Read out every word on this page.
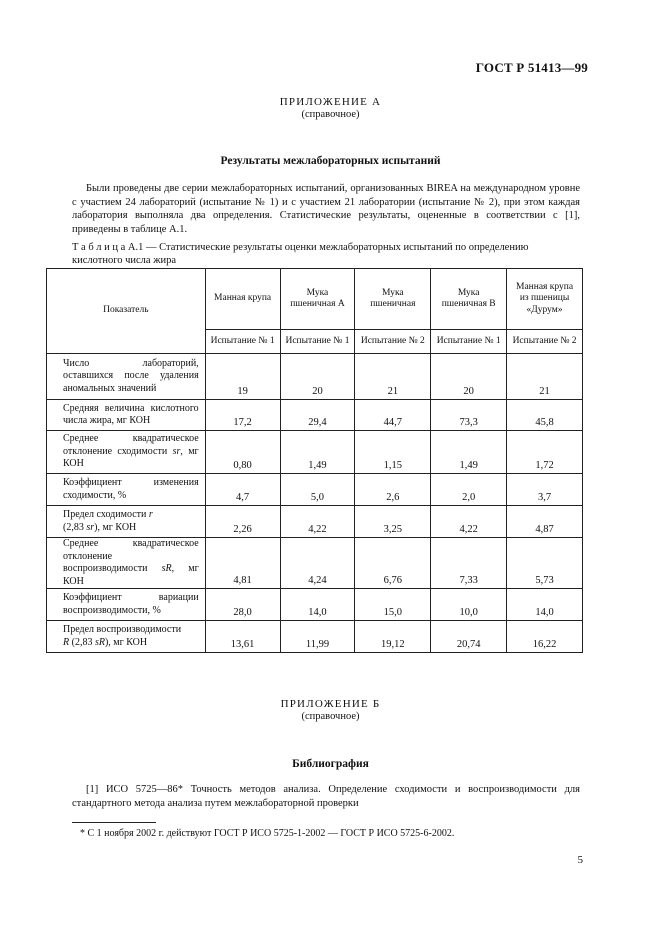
ГОСТ Р 51413—99
ПРИЛОЖЕНИЕ А
(справочное)
Результаты межлабораторных испытаний
Были проведены две серии межлабораторных испытаний, организованных BIREA на международном уровне с участием 24 лабораторий (испытание № 1) и с участием 21 лаборатории (испытание № 2), при этом каждая лаборатория выполняла два определения. Статистические результаты, оцененные в соответствии с [1], приведены в таблице А.1.
Т а б л и ц а А.1 — Статистические результаты оценки межлабораторных испытаний по определению кислотного числа жира
Показатель	Манная крупа	Мука пшеничная А	Мука пшеничная	Мука пшеничная В	Манная крупа из пшеницы «Дурум»
	Испытание № 1	Испытание № 1	Испытание № 2	Испытание № 1	Испытание № 2
Число лабораторий, оставшихся после удаления аномальных значений	19	20	21	20	21
Средняя величина кислотного числа жира, мг КОН	17,2	29,4	44,7	73,3	45,8
Среднее квадратическое отклонение сходимости sr, мг КОН	0,80	1,49	1,15	1,49	1,72
Коэффициент изменения сходимости, %	4,7	5,0	2,6	2,0	3,7
Предел сходимости r
(2,83 sr), мг КОН	2,26	4,22	3,25	4,22	4,87
Среднее квадратическое отклонение воспроизводимости sR, мг КОН	4,81	4,24	6,76	7,33	5,73
Коэффициент вариации воспроизводимости, %	28,0	14,0	15,0	10,0	14,0
Предел воспроизводимости
R (2,83 sR), мг КОН	13,61	11,99	19,12	20,74	16,22
ПРИЛОЖЕНИЕ Б
(справочное)
Библиография
[1] ИСО 5725—86* Точность методов анализа. Определение сходимости и воспроизводимости для стандартного метода анализа путем межлабораторной проверки
* С 1 ноября 2002 г. действуют ГОСТ Р ИСО 5725-1-2002 — ГОСТ Р ИСО 5725-6-2002.
5
